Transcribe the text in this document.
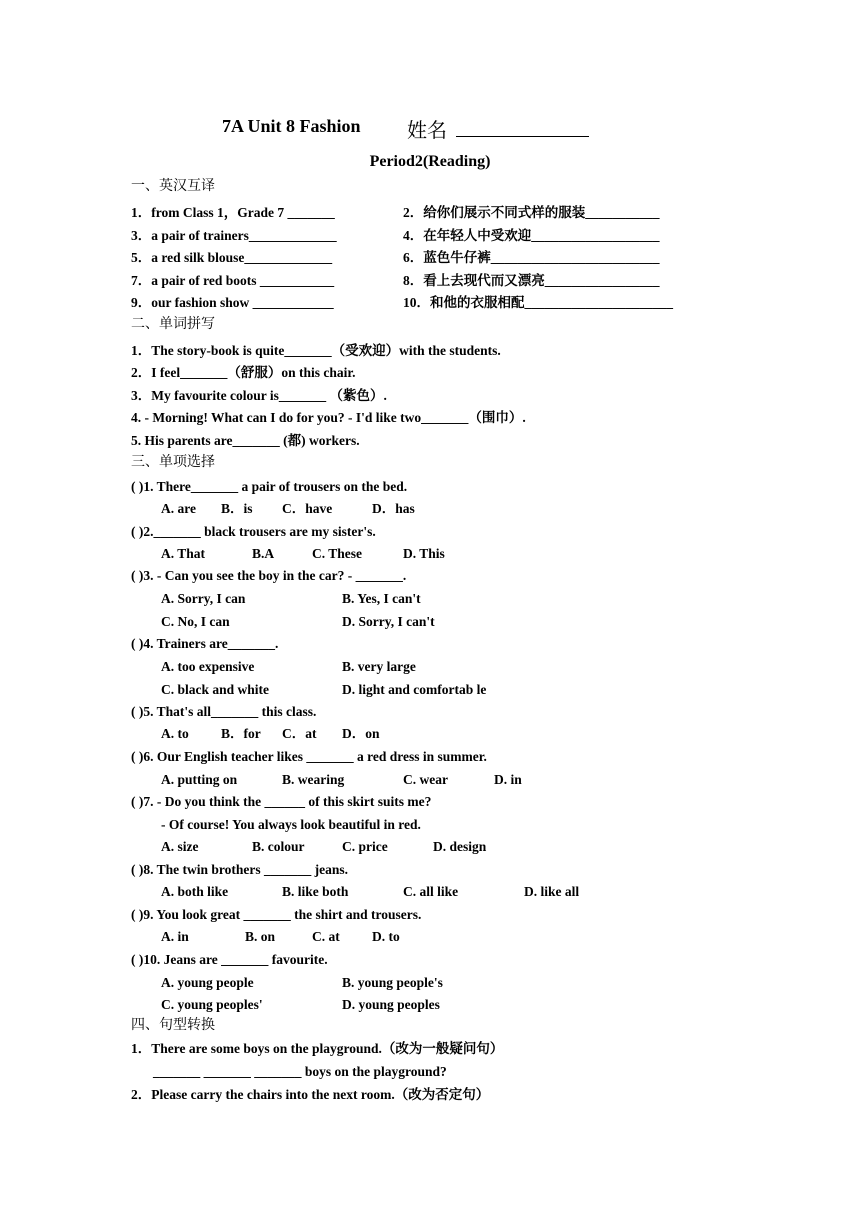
7A Unit 8 Fashion 姓名
Period2(Reading)
一、英汉互译
1．from Class 1，Grade 7 _______	2．给你们展示不同式样的服装___________
3．a pair of trainers_____________	4．在年轻人中受欢迎___________________
5．a red silk blouse_____________	6．蓝色牛仔裤_________________________
7．a pair of red boots ___________	8．看上去现代而又漂亮_________________
9．our fashion show ____________	10．和他的衣服相配______________________
二、单词拼写
1．The story-book is quite_______（受欢迎）with the students.
2．I feel_______（舒服）on this chair.
3．My favourite colour is_______ （紫色）.
4. - Morning! What can I do for you? - I'd like two_______（围巾）.
5. His parents are_______ (都) workers.
三、单项选择
( )1. There_______ a pair of trousers on the bed.
A. are B．is C．have	D．has
( )2._______ black trousers are my sister's.
A. That	B.A	C. These	D. This
( )3. - Can you see the boy in the car? - _______.
A. Sorry, I can	B. Yes, I can't
C. No, I can	D. Sorry, I can't
( )4. Trainers are_______.
A. too expensive	B. very large
C. black and white	D. light and comfortab le
( )5. That's all_______ this class.
A. to B．for C．at D．on
( )6. Our English teacher likes _______ a red dress in summer.
A. putting on	B. wearing	C. wear	D. in
( )7. - Do you think the ______ of this skirt suits me?
- Of course! You always look beautiful in red.
A. size	B. colour	C. price	D. design
( )8. The twin brothers _______ jeans.
A. both like	B. like both	C. all like	D. like all
( )9. You look great _______ the shirt and trousers.
A. in	B. on	C. at D. to
( )10. Jeans are _______ favourite.
A. young people	B. young people's
C. young peoples'	D. young peoples
四、句型转换
1．There are some boys on the playground.（改为一般疑问句）
_______ _______ _______ boys on the playground?
2．Please carry the chairs into the next room.（改为否定句）
